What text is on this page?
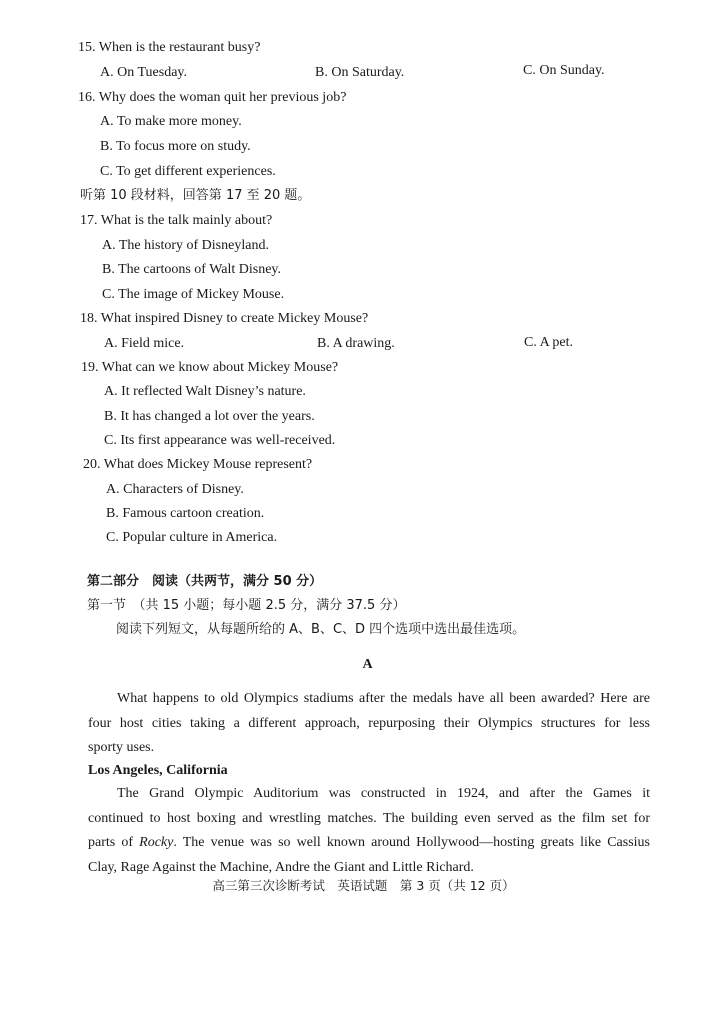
15. When is the restaurant busy?
A. On Tuesday.	B. On Saturday.	C. On Sunday.
16. Why does the woman quit her previous job?
A. To make more money.
B. To focus more on study.
C. To get different experiences.
听第 10 段材料，回答第 17 至 20 题。
17. What is the talk mainly about?
A. The history of Disneyland.
B. The cartoons of Walt Disney.
C. The image of Mickey Mouse.
18. What inspired Disney to create Mickey Mouse?
A. Field mice.	B. A drawing.	C. A pet.
19. What can we know about Mickey Mouse?
A. It reflected Walt Disney’s nature.
B. It has changed a lot over the years.
C. Its first appearance was well-received.
20. What does Mickey Mouse represent?
A. Characters of Disney.
B. Famous cartoon creation.
C. Popular culture in America.
第二部分　阅读（共两节，满分 50 分）
第一节　（共 15 小题；每小题 2.5 分，满分 37.5 分）
阅读下列短文，从每题所给的 A、B、C、D 四个选项中选出最佳选项。
A
What happens to old Olympics stadiums after the medals have all been awarded? Here are
four host cities taking a different approach, repurposing their Olympics structures for less
sporty uses.
Los Angeles, California
The Grand Olympic Auditorium was constructed in 1924, and after the Games it
continued to host boxing and wrestling matches. The building even served as the film set for
parts of Rocky. The venue was so well known around Hollywood—hosting greats like Cassius
Clay, Rage Against the Machine, Andre the Giant and Little Richard.
高三第三次诊断考试　英语试题　第 3 页（共 12 页）
